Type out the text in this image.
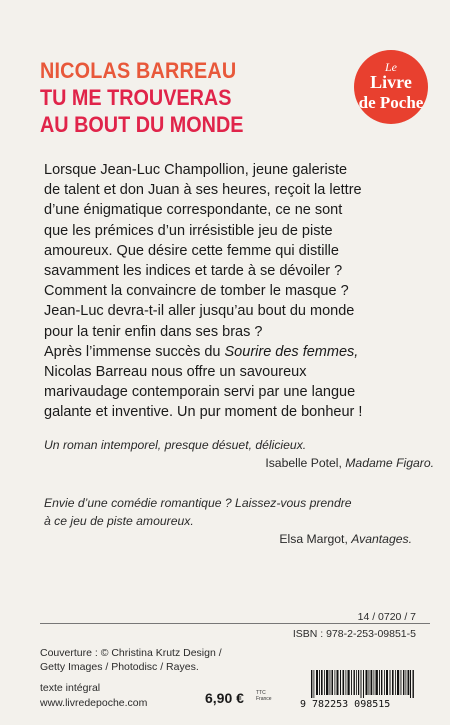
NICOLAS BARREAU
TU ME TROUVERAS
AU BOUT DU MONDE
Le
Livre
de Poche
Lorsque Jean-Luc Champollion, jeune galeriste
de talent et don Juan à ses heures, reçoit la lettre
d’une énigmatique correspondante, ce ne sont
que les prémices d’un irrésistible jeu de piste
amoureux. Que désire cette femme qui distille
savamment les indices et tarde à se dévoiler ?
Comment la convaincre de tomber le masque ?
Jean-Luc devra-t-il aller jusqu’au bout du monde
pour la tenir enfin dans ses bras ?
Après l’immense succès du Sourire des femmes,
Nicolas Barreau nous offre un savoureux
marivaudage contemporain servi par une langue
galante et inventive. Un pur moment de bonheur !
Un roman intemporel, presque désuet, délicieux.
Isabelle Potel, Madame Figaro.
Envie d’une comédie romantique ? Laissez-vous prendre
à ce jeu de piste amoureux.
Elsa Margot, Avantages.
14 / 0720 / 7
ISBN : 978-2-253-09851-5
Couverture : © Christina Krutz Design /
Getty Images / Photodisc / Rayes.
texte intégral
www.livredepoche.com	6,90 € TTC
France	9 782253 098515
